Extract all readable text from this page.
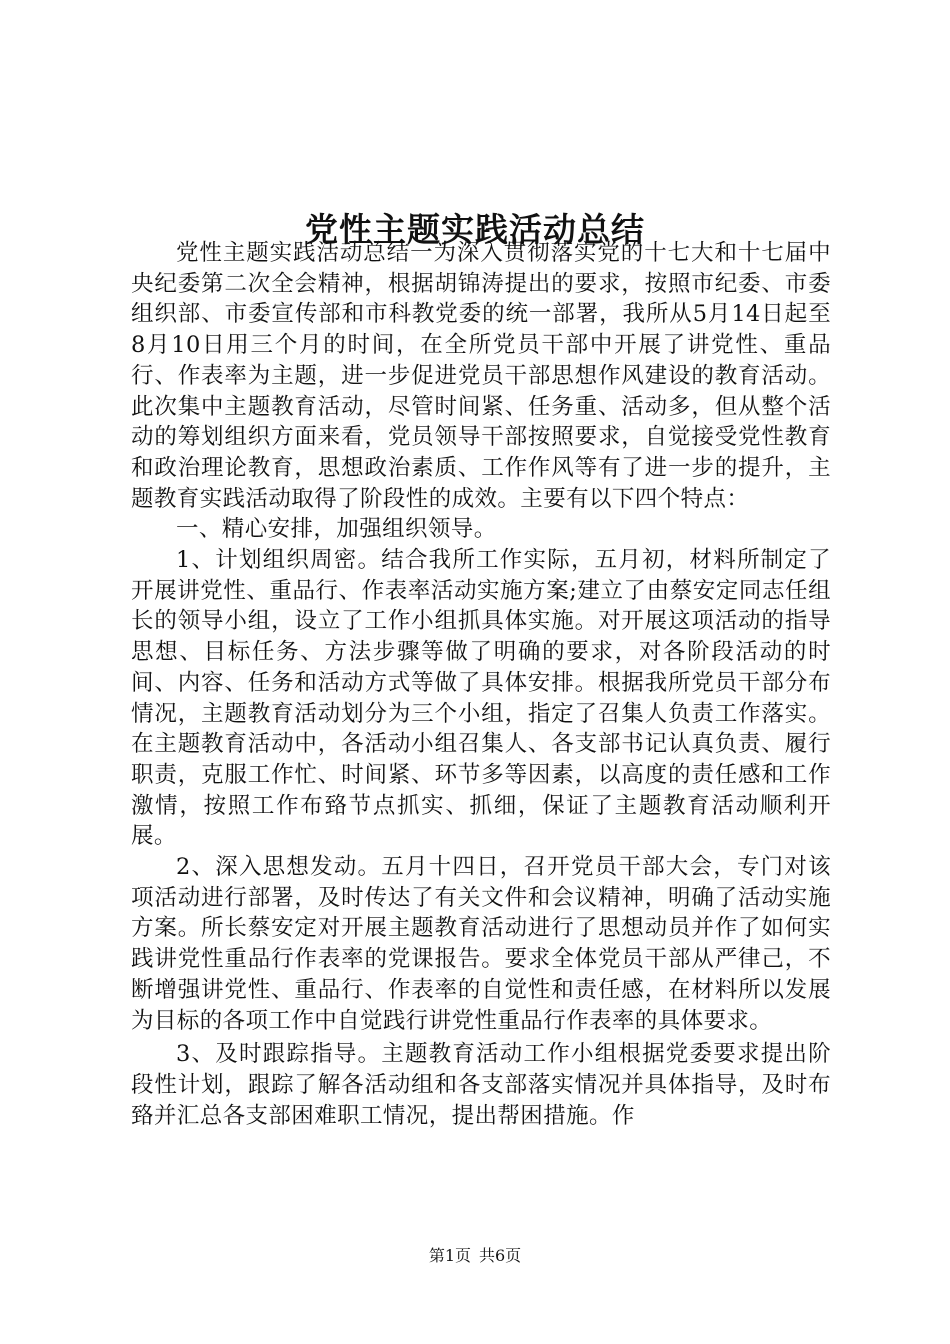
党性主题实践活动总结

党性主题实践活动总结一为深入贯彻落实党的十七大和十七届中央纪委第二次全会精神，根据胡锦涛提出的要求，按照市纪委、市委组织部、市委宣传部和市科教党委的统一部署，我所从5月14日起至8月10日用三个月的时间，在全所党员干部中开展了讲党性、重品行、作表率为主题，进一步促进党员干部思想作风建设的教育活动。此次集中主题教育活动，尽管时间紧、任务重、活动多，但从整个活动的筹划组织方面来看，党员领导干部按照要求，自觉接受党性教育和政治理论教育，思想政治素质、工作作风等有了进一步的提升，主题教育实践活动取得了阶段性的成效。主要有以下四个特点：

一、精心安排，加强组织领导。

1、计划组织周密。结合我所工作实际，五月初，材料所制定了开展讲党性、重品行、作表率活动实施方案;建立了由蔡安定同志任组长的领导小组，设立了工作小组抓具体实施。对开展这项活动的指导思想、目标任务、方法步骤等做了明确的要求，对各阶段活动的时间、内容、任务和活动方式等做了具体安排。根据我所党员干部分布情况，主题教育活动划分为三个小组，指定了召集人负责工作落实。在主题教育活动中，各活动小组召集人、各支部书记认真负责、履行职责，克服工作忙、时间紧、环节多等因素，以高度的责任感和工作激情，按照工作布臵节点抓实、抓细，保证了主题教育活动顺利开展。

2、深入思想发动。五月十四日，召开党员干部大会，专门对该项活动进行部署，及时传达了有关文件和会议精神，明确了活动实施方案。所长蔡安定对开展主题教育活动进行了思想动员并作了如何实践讲党性重品行作表率的党课报告。要求全体党员干部从严律己，不断增强讲党性、重品行、作表率的自觉性和责任感，在材料所以发展为目标的各项工作中自觉践行讲党性重品行作表率的具体要求。

3、及时跟踪指导。主题教育活动工作小组根据党委要求提出阶段性计划，跟踪了解各活动组和各支部落实情况并具体指导，及时布臵并汇总各支部困难职工情况，提出帮困措施。作

第1页 共6页
